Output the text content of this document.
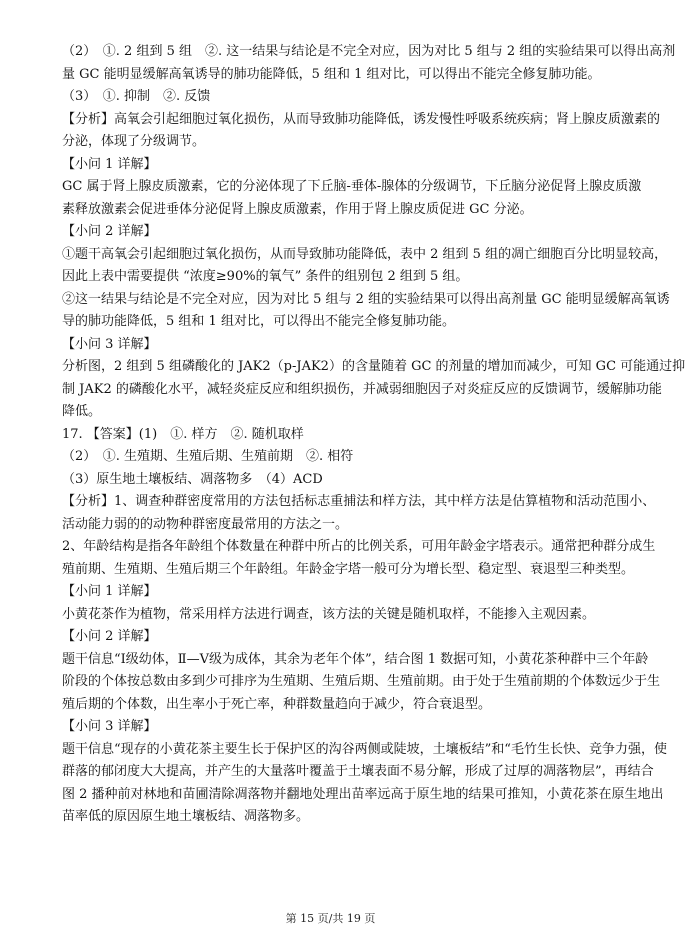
（2）　①. 2 组到 5 组　②. 这一结果与结论是不完全对应，因为对比 5 组与 2 组的实验结果可以得出高剂
量 GC 能明显缓解高氧诱导的肺功能降低，5 组和 1 组对比，可以得出不能完全修复肺功能。
（3）　①. 抑制　②. 反馈
【分析】高氧会引起细胞过氧化损伤，从而导致肺功能降低，诱发慢性呼吸系统疾病；肾上腺皮质激素的
分泌，体现了分级调节。
【小问 1 详解】
GC 属于肾上腺皮质激素，它的分泌体现了下丘脑-垂体-腺体的分级调节，下丘脑分泌促肾上腺皮质激
素释放激素会促进垂体分泌促肾上腺皮质激素，作用于肾上腺皮质促进 GC 分泌。
【小问 2 详解】
①题干高氧会引起细胞过氧化损伤，从而导致肺功能降低，表中 2 组到 5 组的凋亡细胞百分比明显较高，
因此上表中需要提供 “浓度≥90%的氧气” 条件的组别包 2 组到 5 组。
②这一结果与结论是不完全对应，因为对比 5 组与 2 组的实验结果可以得出高剂量 GC 能明显缓解高氧诱
导的肺功能降低，5 组和 1 组对比，可以得出不能完全修复肺功能。
【小问 3 详解】
分析图，2 组到 5 组磷酸化的 JAK2（p-JAK2）的含量随着 GC 的剂量的增加而减少，可知 GC 可能通过抑
制 JAK2 的磷酸化水平，减轻炎症反应和组织损伤，并减弱细胞因子对炎症反应的反馈调节，缓解肺功能
降低。
17. 【答案】(1)　①. 样方　②. 随机取样
（2）　①. 生殖期、生殖后期、生殖前期　②. 相符
（3）原生地土壤板结、凋落物多　（4）ACD
【分析】1、调查种群密度常用的方法包括标志重捕法和样方法，其中样方法是估算植物和活动范围小、
活动能力弱的的动物种群密度最常用的方法之一。
2、年龄结构是指各年龄组个体数量在种群中所占的比例关系，可用年龄金字塔表示。通常把种群分成生
殖前期、生殖期、生殖后期三个年龄组。年龄金字塔一般可分为增长型、稳定型、衰退型三种类型。
【小问 1 详解】
小黄花茶作为植物，常采用样方法进行调查，该方法的关键是随机取样，不能掺入主观因素。
【小问 2 详解】
题干信息“Ⅰ级幼体，Ⅱ—Ⅴ级为成体，其余为老年个体”，结合图 1 数据可知，小黄花茶种群中三个年龄
阶段的个体按总数由多到少可排序为生殖期、生殖后期、生殖前期。由于处于生殖前期的个体数远少于生
殖后期的个体数，出生率小于死亡率，种群数量趋向于减少，符合衰退型。
【小问 3 详解】
题干信息“现存的小黄花茶主要生长于保护区的沟谷两侧或陡坡，土壤板结”和“毛竹生长快、竞争力强，使
群落的郁闭度大大提高，并产生的大量落叶覆盖于土壤表面不易分解，形成了过厚的凋落物层”，再结合
图 2 播种前对林地和苗圃清除凋落物并翻地处理出苗率远高于原生地的结果可推知，小黄花茶在原生地出
苗率低的原因原生地土壤板结、凋落物多。
第 15 页/共 19 页
